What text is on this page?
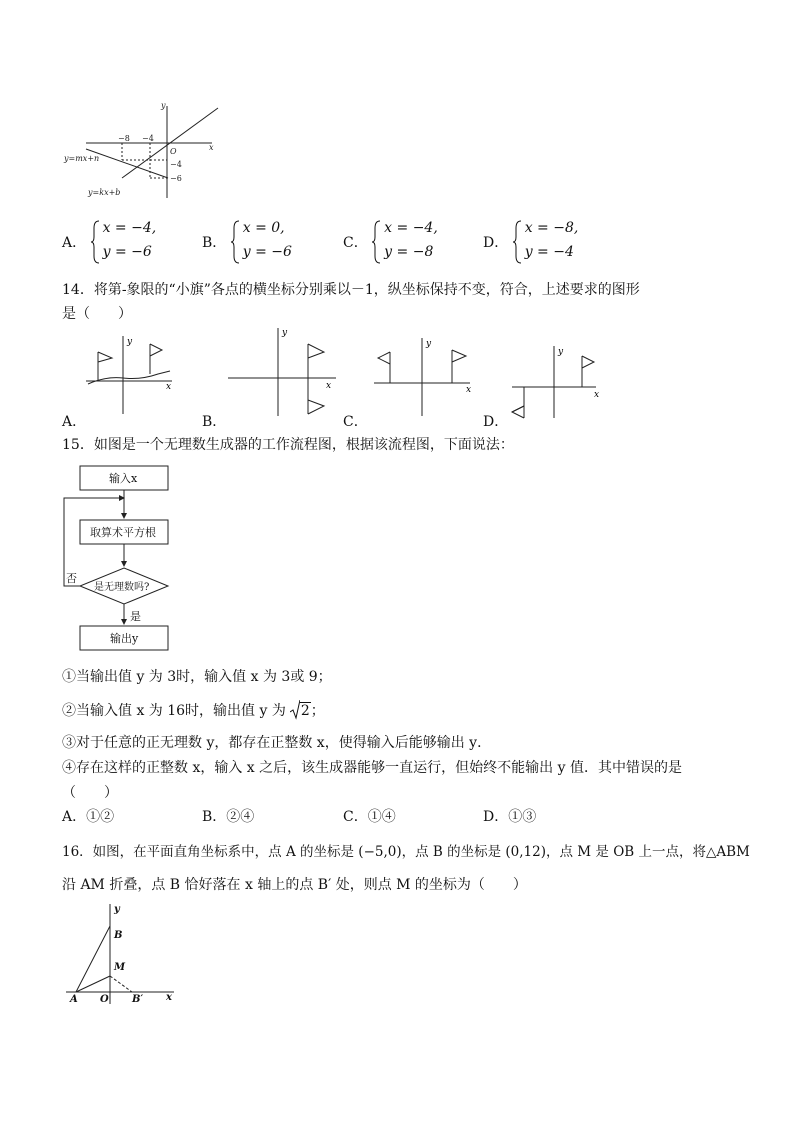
y
x
O
−8 −4
−4
−6
y=mx+n
y=kx+b
A．
x = −4,
y = −6
B．
x = 0,
y = −6
C．
x = −4,
y = −8
D．
x = −8,
y = −4
14．将第-象限的“小旗”各点的横坐标分别乘以－1，纵坐标保持不变，符合，上述要求的图形
是（　　）
y
x
y
x
y
x
y
x
A．	B．	C．	D．
15．如图是一个无理数生成器的工作流程图，根据该流程图，下面说法：
输入x
取算术平方根
是无理数吗?
否
是
输出y
①当输出值 y 为 3时，输入值 x 为 3或 9；
②当输入值 x 为 16时，输出值 y 为 2；
③对于任意的正无理数 y，都存在正整数 x，使得输入后能够输出 y．
④存在这样的正整数 x，输入 x 之后，该生成器能够一直运行，但始终不能输出 y 值．其中错误的是
（　　）
A．①②	B．②④	C．①④	D．①③
16．如图，在平面直角坐标系中，点 A 的坐标是 (−5,0)，点 B 的坐标是 (0,12)，点 M 是 OB 上一点，将△ABM
沿 AM 折叠，点 B 恰好落在 x 轴上的点 B′ 处，则点 M 的坐标为（　　）
y
x
B
M
A O B′
